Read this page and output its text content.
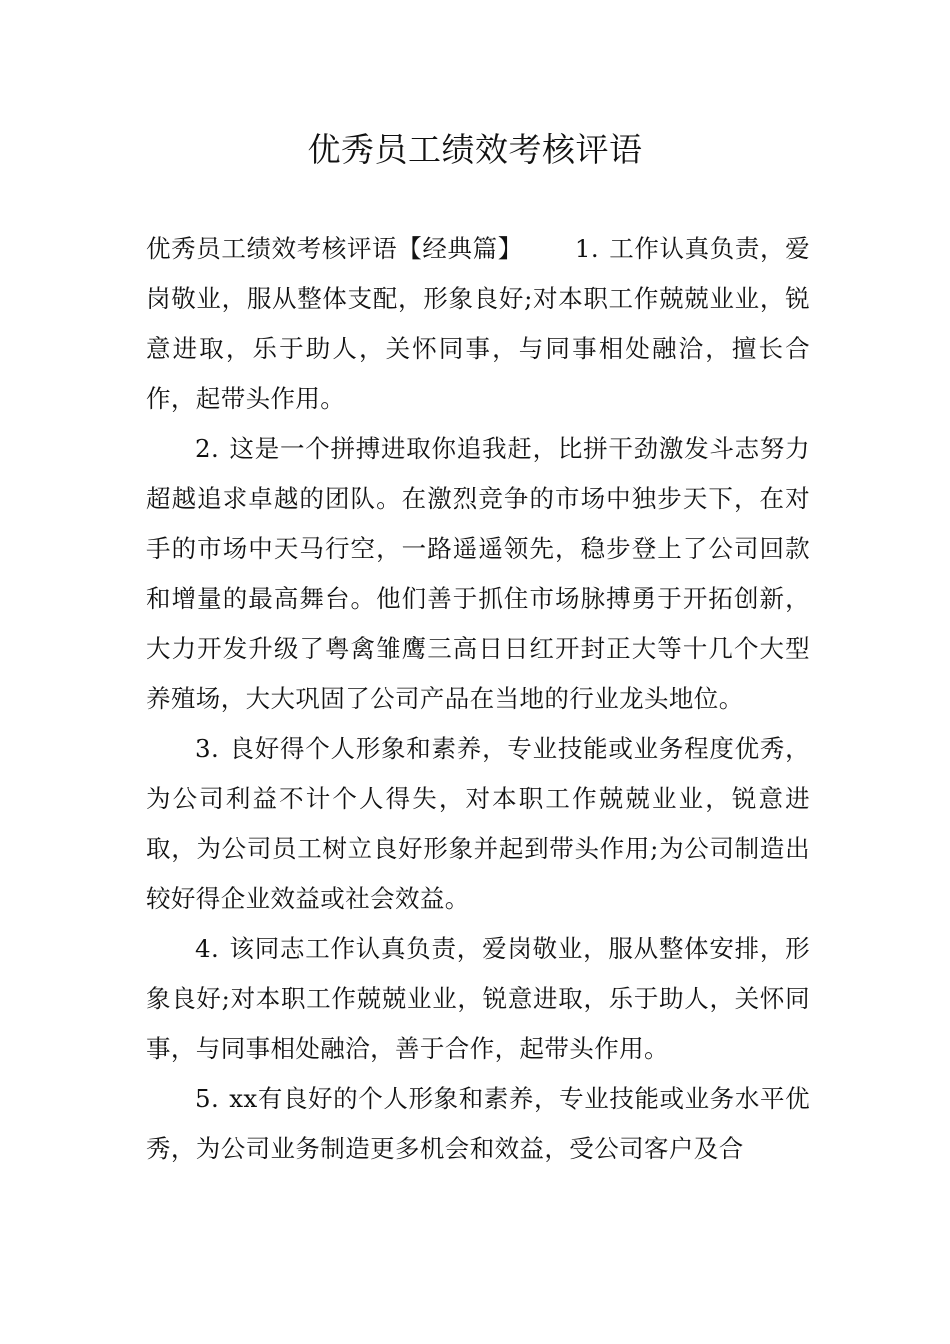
优秀员工绩效考核评语

优秀员工绩效考核评语【经典篇】 1. 工作认真负责，爱岗敬业，服从整体支配，形象良好;对本职工作兢兢业业，锐意进取，乐于助人，关怀同事，与同事相处融洽，擅长合作，起带头作用。

2. 这是一个拼搏进取你追我赶，比拼干劲激发斗志努力超越追求卓越的团队。在激烈竞争的市场中独步天下，在对手的市场中天马行空，一路遥遥领先，稳步登上了公司回款和增量的最高舞台。他们善于抓住市场脉搏勇于开拓创新，大力开发升级了粤禽雏鹰三高日日红开封正大等十几个大型养殖场，大大巩固了公司产品在当地的行业龙头地位。

3. 良好得个人形象和素养，专业技能或业务程度优秀，为公司利益不计个人得失，对本职工作兢兢业业，锐意进取，为公司员工树立良好形象并起到带头作用;为公司制造出较好得企业效益或社会效益。

4. 该同志工作认真负责，爱岗敬业，服从整体安排，形象良好;对本职工作兢兢业业，锐意进取，乐于助人，关怀同事，与同事相处融洽，善于合作，起带头作用。

5. xx有良好的个人形象和素养，专业技能或业务水平优秀，为公司业务制造更多机会和效益，受公司客户及合
